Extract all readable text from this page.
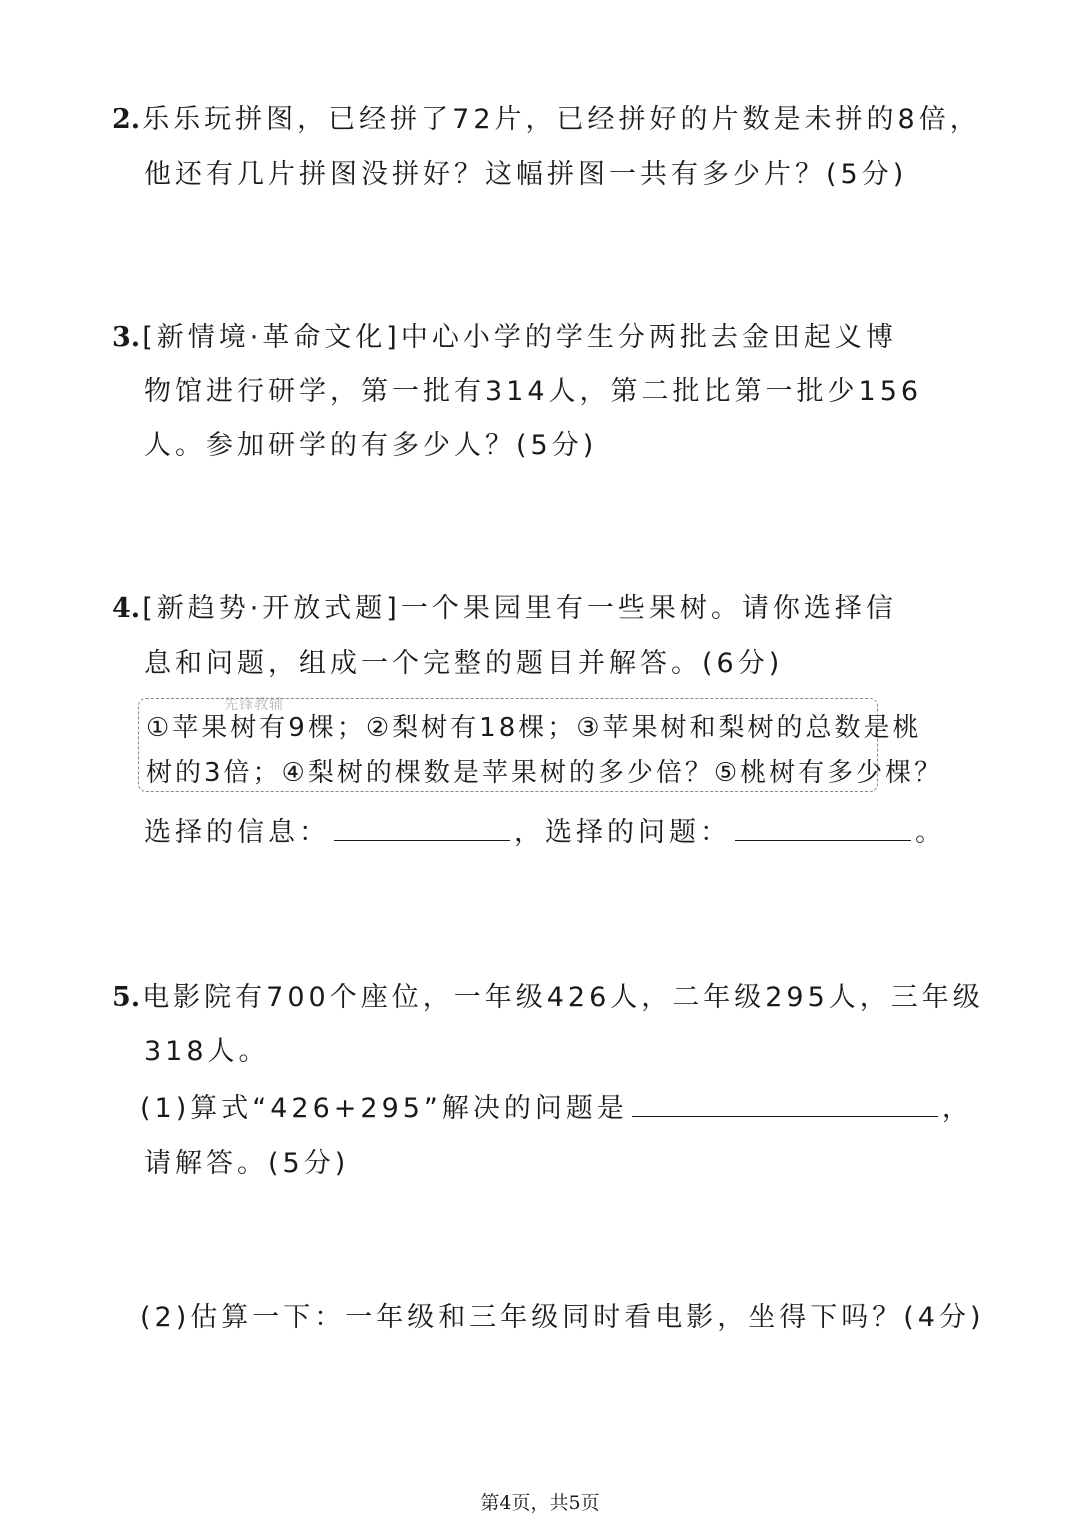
2.乐乐玩拼图，已经拼了72片，已经拼好的片数是未拼的8倍，
他还有几片拼图没拼好？这幅拼图一共有多少片？(5分)
3.[新情境·革命文化]中心小学的学生分两批去金田起义博
物馆进行研学，第一批有314人，第二批比第一批少156
人。参加研学的有多少人？(5分)
4.[新趋势·开放式题]一个果园里有一些果树。请你选择信
息和问题，组成一个完整的题目并解答。(6分)
①苹果树有9棵；②梨树有18棵；③苹果树和梨树的总数是桃
树的3倍；④梨树的棵数是苹果树的多少倍？⑤桃树有多少棵？
先锋教辅
选择的信息：	，选择的问题：	。
5.电影院有700个座位，一年级426人，二年级295人，三年级
318人。
(1)算式“426+295”解决的问题是	，
请解答。(5分)
(2)估算一下：一年级和三年级同时看电影，坐得下吗？(4分)
第4页，共5页
